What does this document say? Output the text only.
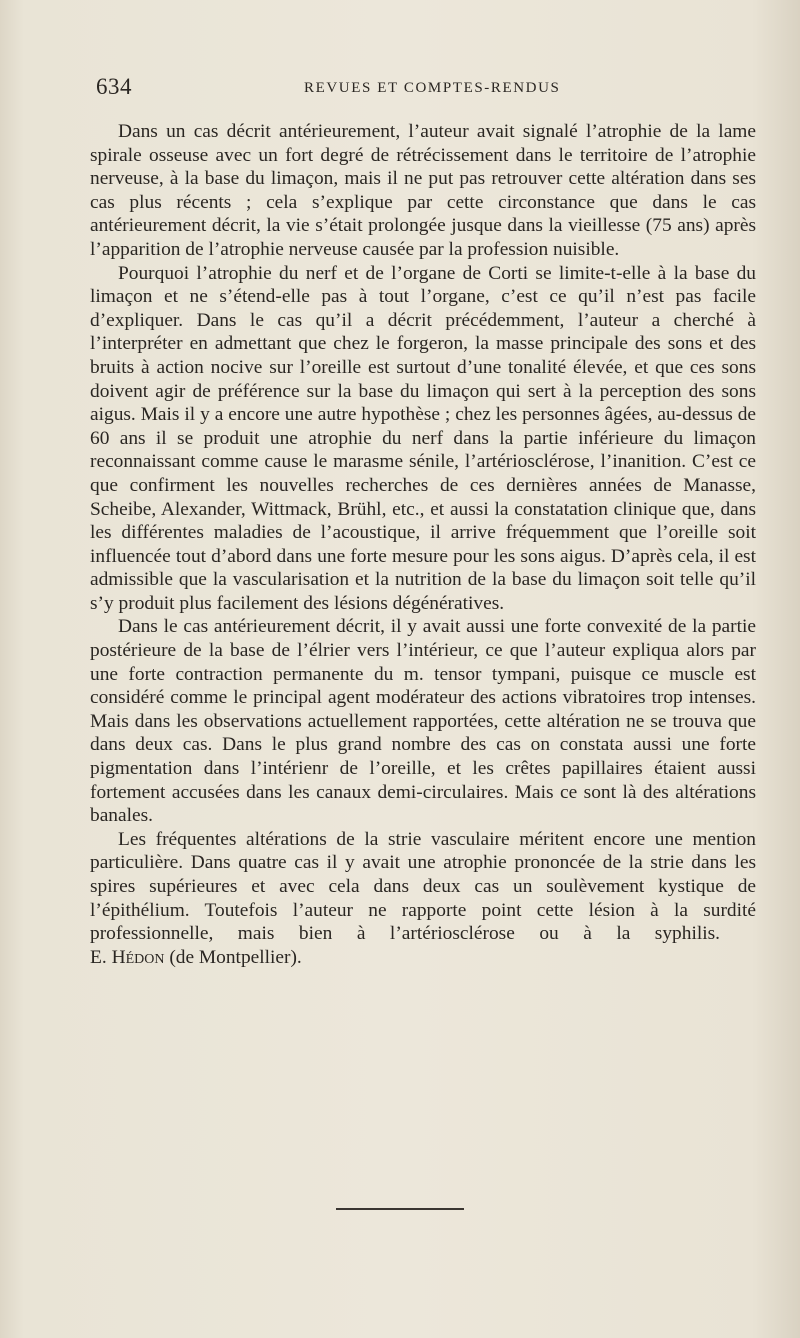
634	REVUES ET COMPTES-RENDUS

Dans un cas décrit antérieurement, l’auteur avait signalé l’atrophie de la lame spirale osseuse avec un fort degré de rétrécissement dans le territoire de l’atrophie nerveuse, à la base du limaçon, mais il ne put pas retrouver cette altération dans ses cas plus récents ; cela s’explique par cette circonstance que dans le cas antérieurement décrit, la vie s’était prolongée jusque dans la vieillesse (75 ans) après l’apparition de l’atrophie nerveuse causée par la profession nuisible.

Pourquoi l’atrophie du nerf et de l’organe de Corti se limite-t-elle à la base du limaçon et ne s’étend-elle pas à tout l’organe, c’est ce qu’il n’est pas facile d’expliquer. Dans le cas qu’il a décrit précédemment, l’auteur a cherché à l’interpréter en admettant que chez le forgeron, la masse principale des sons et des bruits à action nocive sur l’oreille est surtout d’une tonalité élevée, et que ces sons doivent agir de préférence sur la base du limaçon qui sert à la perception des sons aigus. Mais il y a encore une autre hypothèse ; chez les personnes âgées, au-dessus de 60 ans il se produit une atrophie du nerf dans la partie inférieure du limaçon reconnaissant comme cause le marasme sénile, l’artériosclérose, l’inanition. C’est ce que confirment les nouvelles recherches de ces dernières années de Manasse, Scheibe, Alexander, Wittmack, Brühl, etc., et aussi la constatation clinique que, dans les différentes maladies de l’acoustique, il arrive fréquemment que l’oreille soit influencée tout d’abord dans une forte mesure pour les sons aigus. D’après cela, il est admissible que la vascularisation et la nutrition de la base du limaçon soit telle qu’il s’y produit plus facilement des lésions dégénératives.

Dans le cas antérieurement décrit, il y avait aussi une forte convexité de la partie postérieure de la base de l’élrier vers l’intérieur, ce que l’auteur expliqua alors par une forte contraction permanente du m. tensor tympani, puisque ce muscle est considéré comme le principal agent modérateur des actions vibratoires trop intenses. Mais dans les observations actuellement rapportées, cette altération ne se trouva que dans deux cas. Dans le plus grand nombre des cas on constata aussi une forte pigmentation dans l’intérienr de l’oreille, et les crêtes papillaires étaient aussi fortement accusées dans les canaux demi-circulaires. Mais ce sont là des altérations banales.

Les fréquentes altérations de la strie vasculaire méritent encore une mention particulière. Dans quatre cas il y avait une atrophie prononcée de la strie dans les spires supérieures et avec cela dans deux cas un soulèvement kystique de l’épithélium. Toutefois l’auteur ne rapporte point cette lésion à la surdité professionnelle, mais bien à l’artériosclérose ou à la syphilis.E. Hédon (de Montpellier).
